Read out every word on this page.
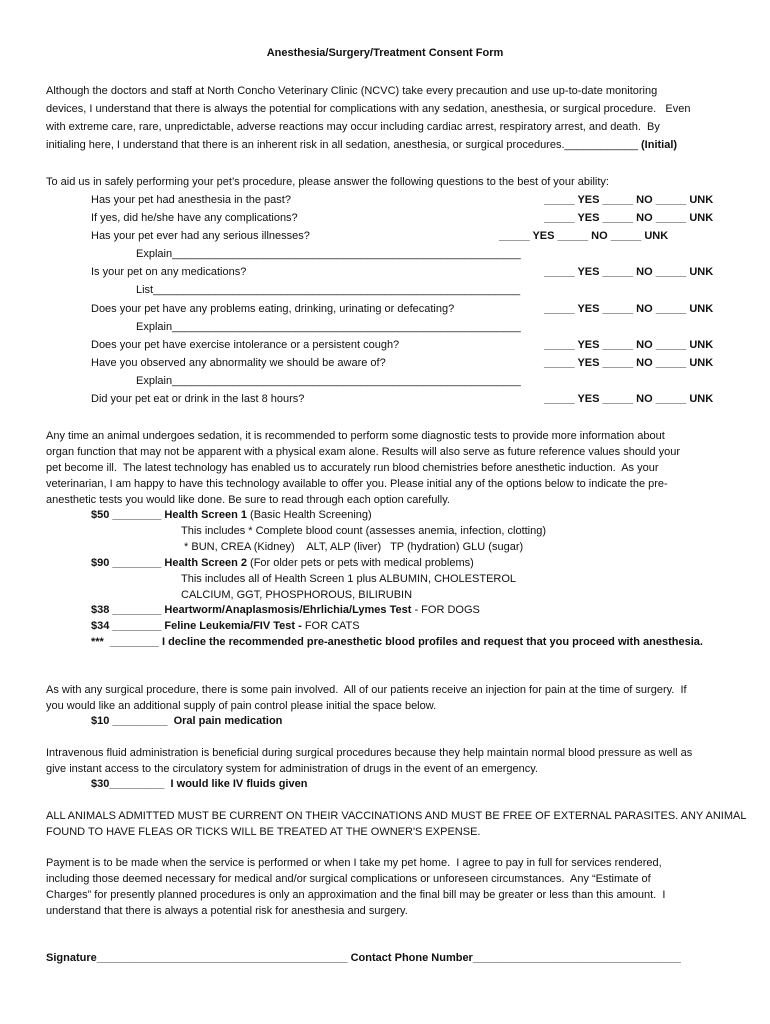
Anesthesia/Surgery/Treatment Consent Form
Although the doctors and staff at North Concho Veterinary Clinic (NCVC) take every precaution and use up-to-date monitoring
devices, I understand that there is always the potential for complications with any sedation, anesthesia, or surgical procedure.   Even
with extreme care, rare, unpredictable, adverse reactions may occur including cardiac arrest, respiratory arrest, and death.  By
initialing here, I understand that there is an inherent risk in all sedation, anesthesia, or surgical procedures.____________ (Initial)
To aid us in safely performing your pet’s procedure, please answer the following questions to the best of your ability:
Has your pet had anesthesia in the past?	_____ YES _____ NO _____ UNK
If yes, did he/she have any complications?	_____ YES _____ NO _____ UNK
Has your pet ever had any serious illnesses?	_____ YES _____ NO _____ UNK
Explain_________________________________________________________
Is your pet on any medications?	_____ YES _____ NO _____ UNK
List____________________________________________________________
Does your pet have any problems eating, drinking, urinating or defecating?	_____ YES _____ NO _____ UNK
Explain_________________________________________________________
Does your pet have exercise intolerance or a persistent cough?	_____ YES _____ NO _____ UNK
Have you observed any abnormality we should be aware of?	_____ YES _____ NO _____ UNK
Explain_________________________________________________________
Did your pet eat or drink in the last 8 hours?	_____ YES _____ NO _____ UNK
Any time an animal undergoes sedation, it is recommended to perform some diagnostic tests to provide more information about
organ function that may not be apparent with a physical exam alone. Results will also serve as future reference values should your
pet become ill.  The latest technology has enabled us to accurately run blood chemistries before anesthetic induction.  As your
veterinarian, I am happy to have this technology available to offer you. Please initial any of the options below to indicate the pre-
anesthetic tests you would like done. Be sure to read through each option carefully.
$50 ________ Health Screen 1 (Basic Health Screening)
This includes * Complete blood count (assesses anemia, infection, clotting)
* BUN, CREA (Kidney)    ALT, ALP (liver)   TP (hydration) GLU (sugar)
$90 ________ Health Screen 2 (For older pets or pets with medical problems)
This includes all of Health Screen 1 plus ALBUMIN, CHOLESTEROL
CALCIUM, GGT, PHOSPHOROUS, BILIRUBIN
$38 ________ Heartworm/Anaplasmosis/Ehrlichia/Lymes Test - FOR DOGS
$34 ________ Feline Leukemia/FIV Test - FOR CATS
***  ________ I decline the recommended pre-anesthetic blood profiles and request that you proceed with anesthesia.
As with any surgical procedure, there is some pain involved.  All of our patients receive an injection for pain at the time of surgery.  If
you would like an additional supply of pain control please initial the space below.
$10 _________  Oral pain medication
Intravenous fluid administration is beneficial during surgical procedures because they help maintain normal blood pressure as well as
give instant access to the circulatory system for administration of drugs in the event of an emergency.
$30_________  I would like IV fluids given
ALL ANIMALS ADMITTED MUST BE CURRENT ON THEIR VACCINATIONS AND MUST BE FREE OF EXTERNAL PARASITES. ANY ANIMAL
FOUND TO HAVE FLEAS OR TICKS WILL BE TREATED AT THE OWNER'S EXPENSE.
Payment is to be made when the service is performed or when I take my pet home.  I agree to pay in full for services rendered,
including those deemed necessary for medical and/or surgical complications or unforeseen circumstances.  Any “Estimate of
Charges” for presently planned procedures is only an approximation and the final bill may be greater or less than this amount.  I
understand that there is always a potential risk for anesthesia and surgery.
Signature_________________________________________ Contact Phone Number__________________________________
